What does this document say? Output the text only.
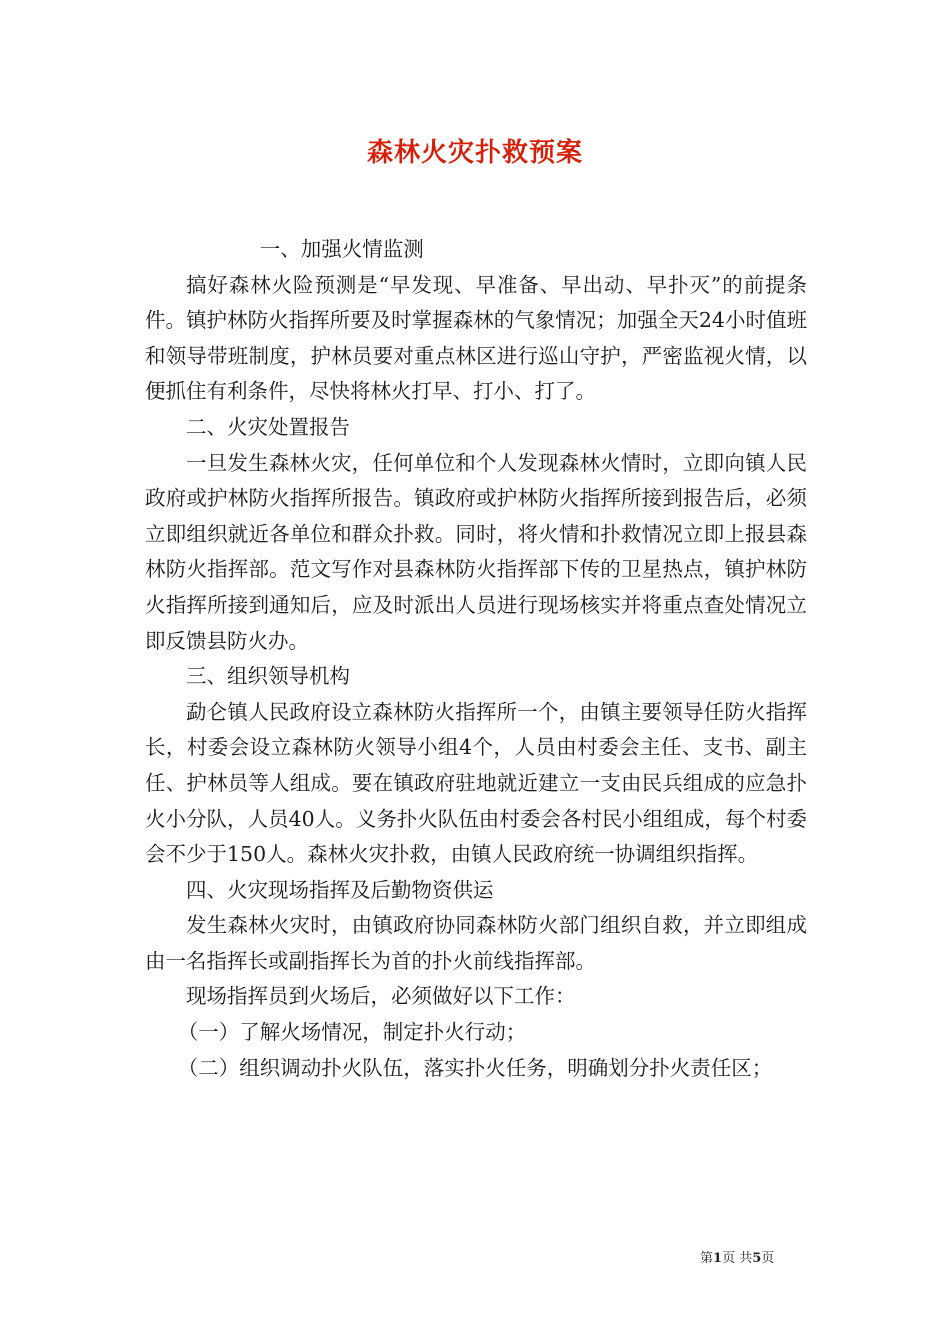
森林火灾扑救预案

一、加强火情监测

搞好森林火险预测是“早发现、早准备、早出动、早扑灭”的前提条件。镇护林防火指挥所要及时掌握森林的气象情况；加强全天24小时值班和领导带班制度，护林员要对重点林区进行巡山守护，严密监视火情，以便抓住有利条件，尽快将林火打早、打小、打了。

二、火灾处置报告

一旦发生森林火灾，任何单位和个人发现森林火情时，立即向镇人民政府或护林防火指挥所报告。镇政府或护林防火指挥所接到报告后，必须立即组织就近各单位和群众扑救。同时，将火情和扑救情况立即上报县森林防火指挥部。范文写作对县森林防火指挥部下传的卫星热点，镇护林防火指挥所接到通知后，应及时派出人员进行现场核实并将重点查处情况立即反馈县防火办。

三、组织领导机构

勐仑镇人民政府设立森林防火指挥所一个，由镇主要领导任防火指挥长，村委会设立森林防火领导小组4个，人员由村委会主任、支书、副主任、护林员等人组成。要在镇政府驻地就近建立一支由民兵组成的应急扑火小分队，人员40人。义务扑火队伍由村委会各村民小组组成，每个村委会不少于150人。森林火灾扑救，由镇人民政府统一协调组织指挥。

四、火灾现场指挥及后勤物资供运

发生森林火灾时，由镇政府协同森林防火部门组织自救，并立即组成由一名指挥长或副指挥长为首的扑火前线指挥部。

现场指挥员到火场后，必须做好以下工作：

（一）了解火场情况，制定扑火行动；

（二）组织调动扑火队伍，落实扑火任务，明确划分扑火责任区；

第1页 共5页
